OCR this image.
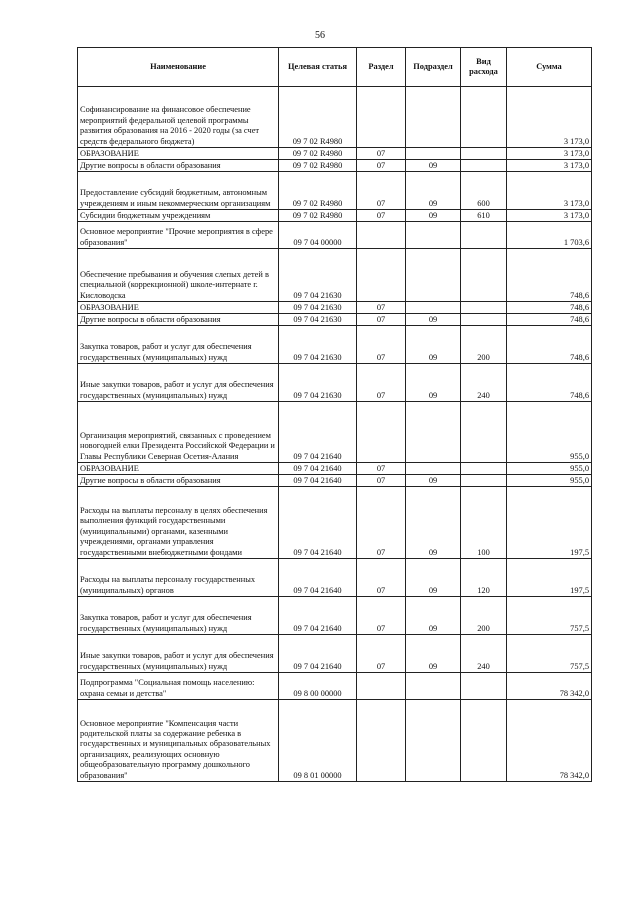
56
Наименование	Целевая статья	Раздел	Подраздел	Вид расхода	Сумма
Софинансирование на финансовое обеспечение мероприятий федеральной целевой программы развития образования на 2016 - 2020 годы (за счет средств федерального бюджета)	09 7 02 R4980				3 173,0
ОБРАЗОВАНИЕ	09 7 02 R4980	07			3 173,0
Другие вопросы в области образования	09 7 02 R4980	07	09		3 173,0
Предоставление субсидий бюджетным, автономным учреждениям и иным некоммерческим организациям	09 7 02 R4980	07	09	600	3 173,0
Субсидии бюджетным учреждениям	09 7 02 R4980	07	09	610	3 173,0
Основное мероприятие "Прочие мероприятия в сфере образования"	09 7 04 00000				1 703,6
Обеспечение пребывания и обучения слепых детей в специальной (коррекционной) школе-интернате г. Кисловодска	09 7 04 21630				748,6
ОБРАЗОВАНИЕ	09 7 04 21630	07			748,6
Другие вопросы в области образования	09 7 04 21630	07	09		748,6
Закупка товаров, работ и услуг для обеспечения государственных (муниципальных) нужд	09 7 04 21630	07	09	200	748,6
Иные закупки товаров, работ и услуг для обеспечения государственных (муниципальных) нужд	09 7 04 21630	07	09	240	748,6
Организация мероприятий, связанных с проведением новогодней елки Президента Российской Федерации и Главы Республики Северная Осетия-Алания	09 7 04 21640				955,0
ОБРАЗОВАНИЕ	09 7 04 21640	07			955,0
Другие вопросы в области образования	09 7 04 21640	07	09		955,0
Расходы на выплаты персоналу в целях обеспечения выполнения функций государственными (муниципальными) органами, казенными учреждениями, органами управления государственными внебюджетными фондами	09 7 04 21640	07	09	100	197,5
Расходы на выплаты персоналу государственных (муниципальных) органов	09 7 04 21640	07	09	120	197,5
Закупка товаров, работ и услуг для обеспечения государственных (муниципальных) нужд	09 7 04 21640	07	09	200	757,5
Иные закупки товаров, работ и услуг для обеспечения государственных (муниципальных) нужд	09 7 04 21640	07	09	240	757,5
Подпрограмма "Социальная помощь населению: охрана семьи и детства"	09 8 00 00000				78 342,0
Основное мероприятие "Компенсация части родительской платы за содержание ребенка в государственных и муниципальных образовательных организациях, реализующих основную общеобразовательную программу дошкольного образования"	09 8 01 00000				78 342,0
